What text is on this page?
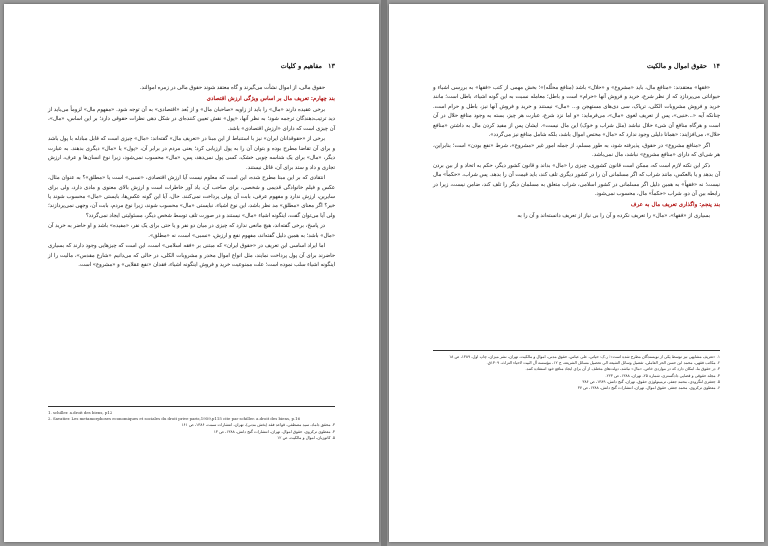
۱۳
مفاهیم و کلیات

حقوق مالی، از اموال نشأت می‌گیرند و گاه معتقد شوند حقوق مالی در زمره اموالند.

بند چهارم: تعریف مال بر اساس ویژگی ارزش اقتصادی

برخی عقیده دارند «مال» را باید از زاویه «صاحبان مال» و از بُعد «اقتصادی» به آن توجه شود. «مفهوم مال» لزوماً می‌باید از دید ترتیب‌دهندگان ترجمه شود؛ به نظر آنها، «پول» نقش تعیین کننده‌ای در شکل دهی نظرات حقوقی دارد؛ بر این اساس، «مال»، آن چیزی است که دارای «ارزش اقتصادی» باشد.

برخی از «حقوقدانان ایران» نیز با استنباط از این مبنا در «تعریف مال» گفته‌اند: «مال» چیزی است که قابل مبادله با پول باشد و برای آن تقاضا مطرح بوده و بتوان آن را به پول ارزیابی کرد؛ یعنی مردم در برابر آن، «پول» یا «مال» دیگری بدهند. به عبارت دیگر، «مال» برای یک شناسه چوبی خشک، کسی پول نمی‌دهد، پس، «مال» محسوب نمی‌شود، زیرا نوع انسان‌ها و عرف، ارزش تجاری و داد و ستد برای آن، قائل نیستند.

انتقادی که بر این مبنا مطرح شده، این است که معلوم نیست آیا ارزش اقتصادی، «نسبی» است یا «مطلق»؟ به عنوان مثال، عکس و فیلم خانوادگی قدیمی و شخصی، برای صاحب آن، یاد آور خاطرات است و ارزش بالای معنوی و مادی دارد، ولی برای سایرین، ارزش ندارد و مفهوم عرفی، بابت آن پولی پرداخت نمی‌کنند. حال، آیا این گونه عکس‌ها، بایستی «مال» محسوب شوند یا خیر؟ اگر معنای «مطلق» مد نظر باشد، این نوع اشیاء، نبایستی «مال» محسوب شوند، زیرا نوع مردم، بابت آن، وجهی نمی‌پردازند؛ ولی آیا می‌توان گفت، اینگونه اشیاء «مال» نیستند و در صورت تلف توسط شخص دیگر، مسئولیتی ایجاد نمی‌گردد؟

در پاسخ، برخی گفته‌اند، هیچ مانعی ندارد که چیزی در میان دو نفر و یا حتی برای یک نفر، «مفیده» باشد و او حاضر به خرید آن «مال» باشد؛ به همین دلیل گفته‌اند، مفهوم نفع و ارزش، «نسبی» است، نه «مطلق».

اما ایراد اساسی این تعریف در «حقوق ایران» که مبتنی بر «فقه اسلامی» است، این است که چیزهایی وجود دارند که بسیاری حاضرند برای آن پول پرداخت نمایند، مثل انواع اموال مخدر و مشروبات الکلی، در حالی که می‌دانیم «شارع مقدس»، مالیت را از اینگونه اشیاء سلب نموده است؛ علت ممنوعیت خرید و فروش اینگونه اشیاء، فقدان «نفع عقلایی» و «مشروع» است.

1. schiller. a.droit des biens, p12
2. Savatier. Les metamorphoses economiques et sociales du droit prive paris,1959,p115 cite par schiller. a.droit des biens, p.16
۳. محقق داماد، سید مصطفی، قواعد فقه (بخش مدنی)، تهران، انتشارات سمت، ۱۳۸۶، ص ۱۶۱
۴. معطوی ترکزوی، حقوق اموال، تهران، انتشارات گنج دانش، ۱۳۸۸، ص ۱۳
۵. کاتوزیان، اموال و مالکیت، ص ۱۲
۱۴
حقوق اموال و مالکیت

«فقها» معتقدند: «منافع مال، باید «مشروع» و «حلال» باشد (منافع محلّله)»؛ بخش مهمی از کتب «فقها» به بررسی اشیاء و حیواناتی می‌پردازد که از نظر شرع، خرید و فروش آنها «حرام» است و باطل؛ معامله نسبت به این گونه اشیاء، باطل است؛ مانند خرید و فروش مشروبات الکلی، ترپاک، سی دی‌های مستهجن و... «مال» نیستند و خرید و فروش آنها نیز، باطل و حرام است. چنانکه آیه «...خنبی»، پس از تعریف لغوی «مال»، می‌فرماید: «و اما نزد شرع، عبارت هر چیز، بسته به وجود منافع حلال در آن است و هرگاه منافع آن شیء حلال نباشد (مثل شراب و خوک) این مال نیست». ایشان پس از مفید کردن مال به داشتن «منافع حلال»، می‌افزایند: «همانا دلیلی وجود ندارد که «مال» مختص اموال باشد، بلکه شامل منافع نیز می‌گردد».

اگر «منافع مشروع» در حقوق، پذیرفته شود، به طور مسلم، از جمله امور غیر «مشروع»، شرط «نفع بودن» است؛ بنابراین، هر شی‌ای که دارای «منافع مشروع» نباشد، مال نمی‌باشد.

ذکر این نکته لازم است که، ممکن است قانون کشوری، چیزی را «مال» بداند و قانون کشور دیگر، حکم به اتحاد و از بین بردن آن بدهد و یا بالعکس، مانند شراب که اگر مسلمانی آن را در کشور دیگری تلف کند، باید قیمت آن را بدهد. پس شراب، «حکماً» مال نیست؛ نه «فقهاً» به همین دلیل اگر مسلمانی در کشور اسلامی، شراب متعلق به مسلمان دیگر را تلف کند، ضامن نیست، زیرا در رابطه بین آن دو، شراب «حکماً» مال، محسوب نمی‌شود.

بند پنجم: واگذاری تعریف مال به عرف

بسیاری از «فقها»، «مال» را تعریف نکرده و آن را بی نیاز از تعریف دانسته‌اند و آن را به

۱. «تعریف مشابهی نیز توسط یکی از نویسندگان مطرح شده است»؛ ر.ک: حیاتی، علی عباس، حقوق مدنی، اموال و مالکیت، تهران، نشر میزان، چاپ اول، ۱۳۸۹، ص ۱۸
۲. مکاتب فقهی، محمد ابن حسن الحر العاملی، تفصیل وسائل الشیعه الی تحصیل مسائل الشریعه، ج ۱۲، مؤسسه آل البیت لاحیاء التراث، ۱۴۰۹ق.
۳. در حقوق ما، امکان دارد که در مواردی خاص، «مال» نباشد، دولت‌های مختلف از آن برای ایجاد منافع خود استفاده کنند.
۴. مجله حقوقی و قضایی دادگستری، شماره ۲۵، تهران، ۱۳۸۸، ص ۲۲۳.
۵. جعفری لنگرودی، محمد جعفر، ترمینولوژی حقوق، تهران، گنج دانش، ۱۳۸۹، ص ۳۸۶
۶. معطوی ترکزوی، محمد جعفر، حقوق اموال، تهران، انتشارات گنج دانش، ۱۳۸۸، ص ۳۷
